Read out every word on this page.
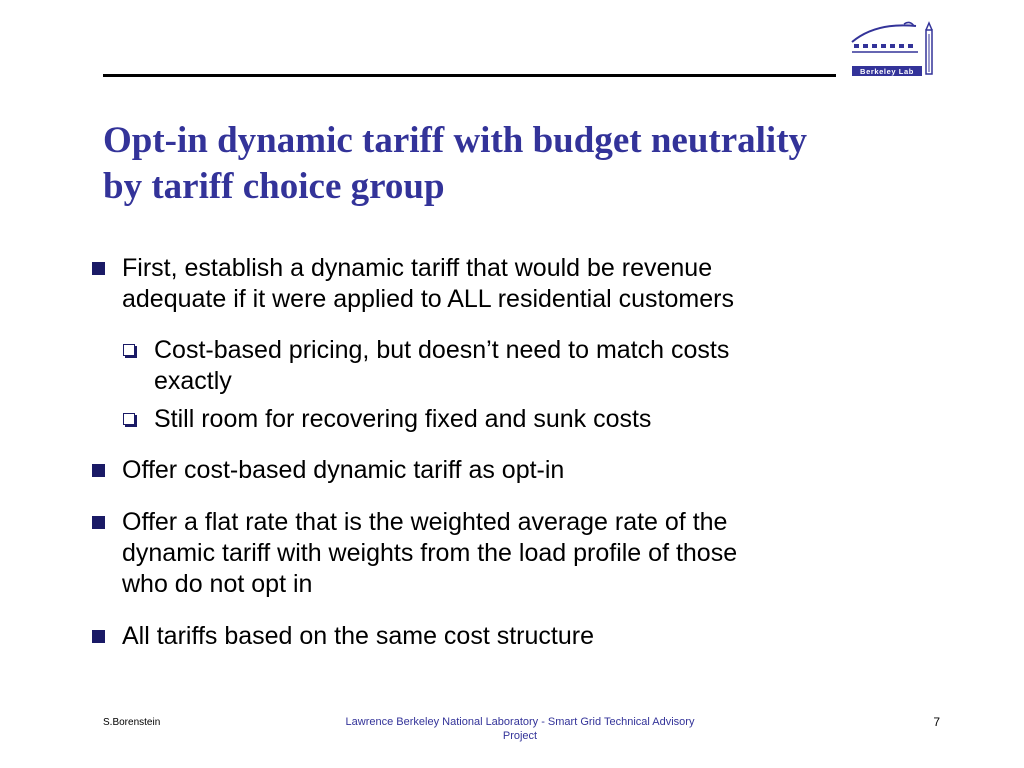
Berkeley Lab
Opt-in dynamic tariff with budget neutrality
by tariff choice group
First, establish a dynamic tariff that would be revenue
adequate if it were applied to ALL residential customers
Cost-based pricing, but doesn’t need to match costs
exactly
Still room for recovering fixed and sunk costs
Offer cost-based dynamic tariff as opt-in
Offer a flat rate that is the weighted average rate of the
dynamic tariff with weights from the load profile of those
who do not opt in
All tariffs based on the same cost structure
S.Borenstein	Lawrence Berkeley National Laboratory - Smart Grid Technical Advisory
Project
7
